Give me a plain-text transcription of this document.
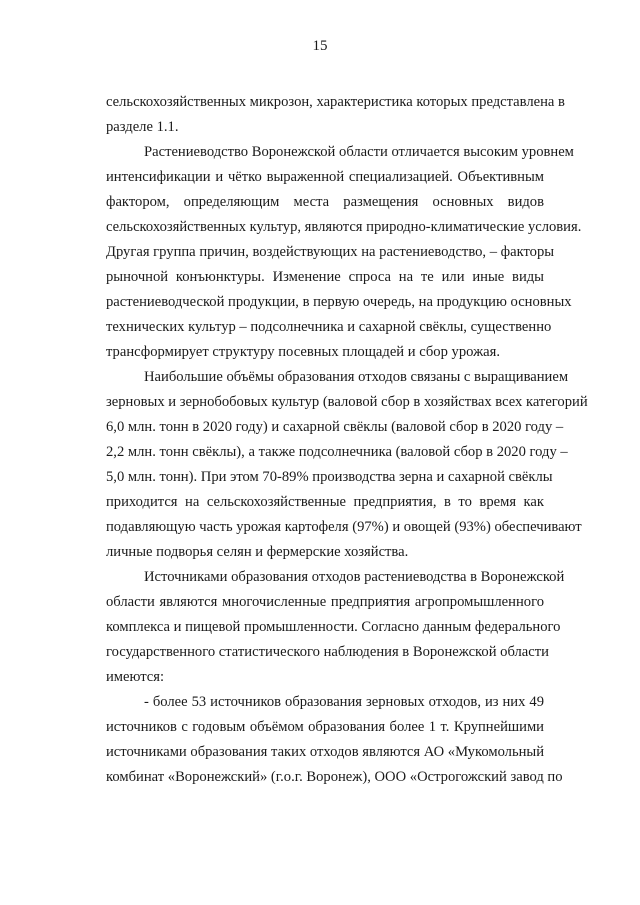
15
сельскохозяйственных микрозон, характеристика которых представлена в
разделе 1.1.
Растениеводство Воронежской области отличается высоким уровнем
интенсификации и чётко выраженной специализацией. Объективным
фактором, определяющим места размещения основных видов
сельскохозяйственных культур, являются природно-климатические условия.
Другая группа причин, воздействующих на растениеводство, – факторы
рыночной конъюнктуры. Изменение спроса на те или иные виды
растениеводческой продукции, в первую очередь, на продукцию основных
технических культур – подсолнечника и сахарной свёклы, существенно
трансформирует структуру посевных площадей и сбор урожая.
Наибольшие объёмы образования отходов связаны с выращиванием
зерновых и зернобобовых культур (валовой сбор в хозяйствах всех категорий
6,0 млн. тонн в 2020 году) и сахарной свёклы (валовой сбор в 2020 году –
2,2 млн. тонн свёклы), а также подсолнечника (валовой сбор в 2020 году –
5,0 млн. тонн). При этом 70-89% производства зерна и сахарной свёклы
приходится на сельскохозяйственные предприятия, в то время как
подавляющую часть урожая картофеля (97%) и овощей (93%) обеспечивают
личные подворья селян и фермерские хозяйства.
Источниками образования отходов растениеводства в Воронежской
области являются многочисленные предприятия агропромышленного
комплекса и пищевой промышленности. Согласно данным федерального
государственного статистического наблюдения в Воронежской области
имеются:
- более 53 источников образования зерновых отходов, из них 49
источников с годовым объёмом образования более 1 т. Крупнейшими
источниками образования таких отходов являются АО «Мукомольный
комбинат «Воронежский» (г.о.г. Воронеж), ООО «Острогожский завод по
